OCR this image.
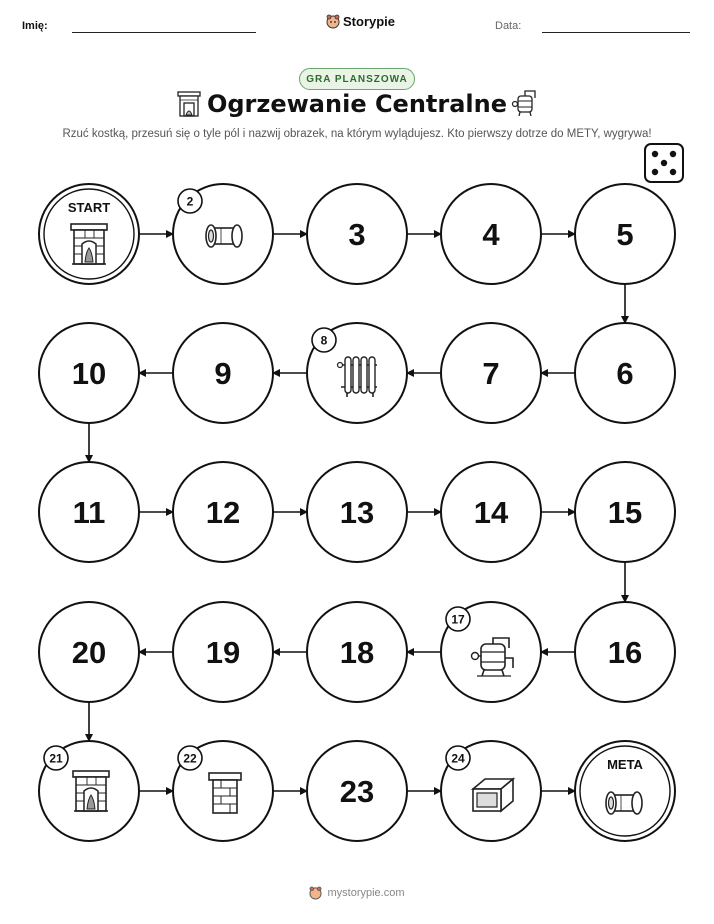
Imię:	Storypie	Data:
GRA PLANSZOWA
Ogrzewanie Centralne
Rzuć kostką, przesuń się o tyle pól i nazwij obrazek, na którym wylądujesz. Kto pierwszy dotrze do METY, wygrywa!
START	2
3	4	5
6
7
8
9
10
11	12	13	14	15
16
17
18
19
20
21	22
23
24	META
mystorypie.com
